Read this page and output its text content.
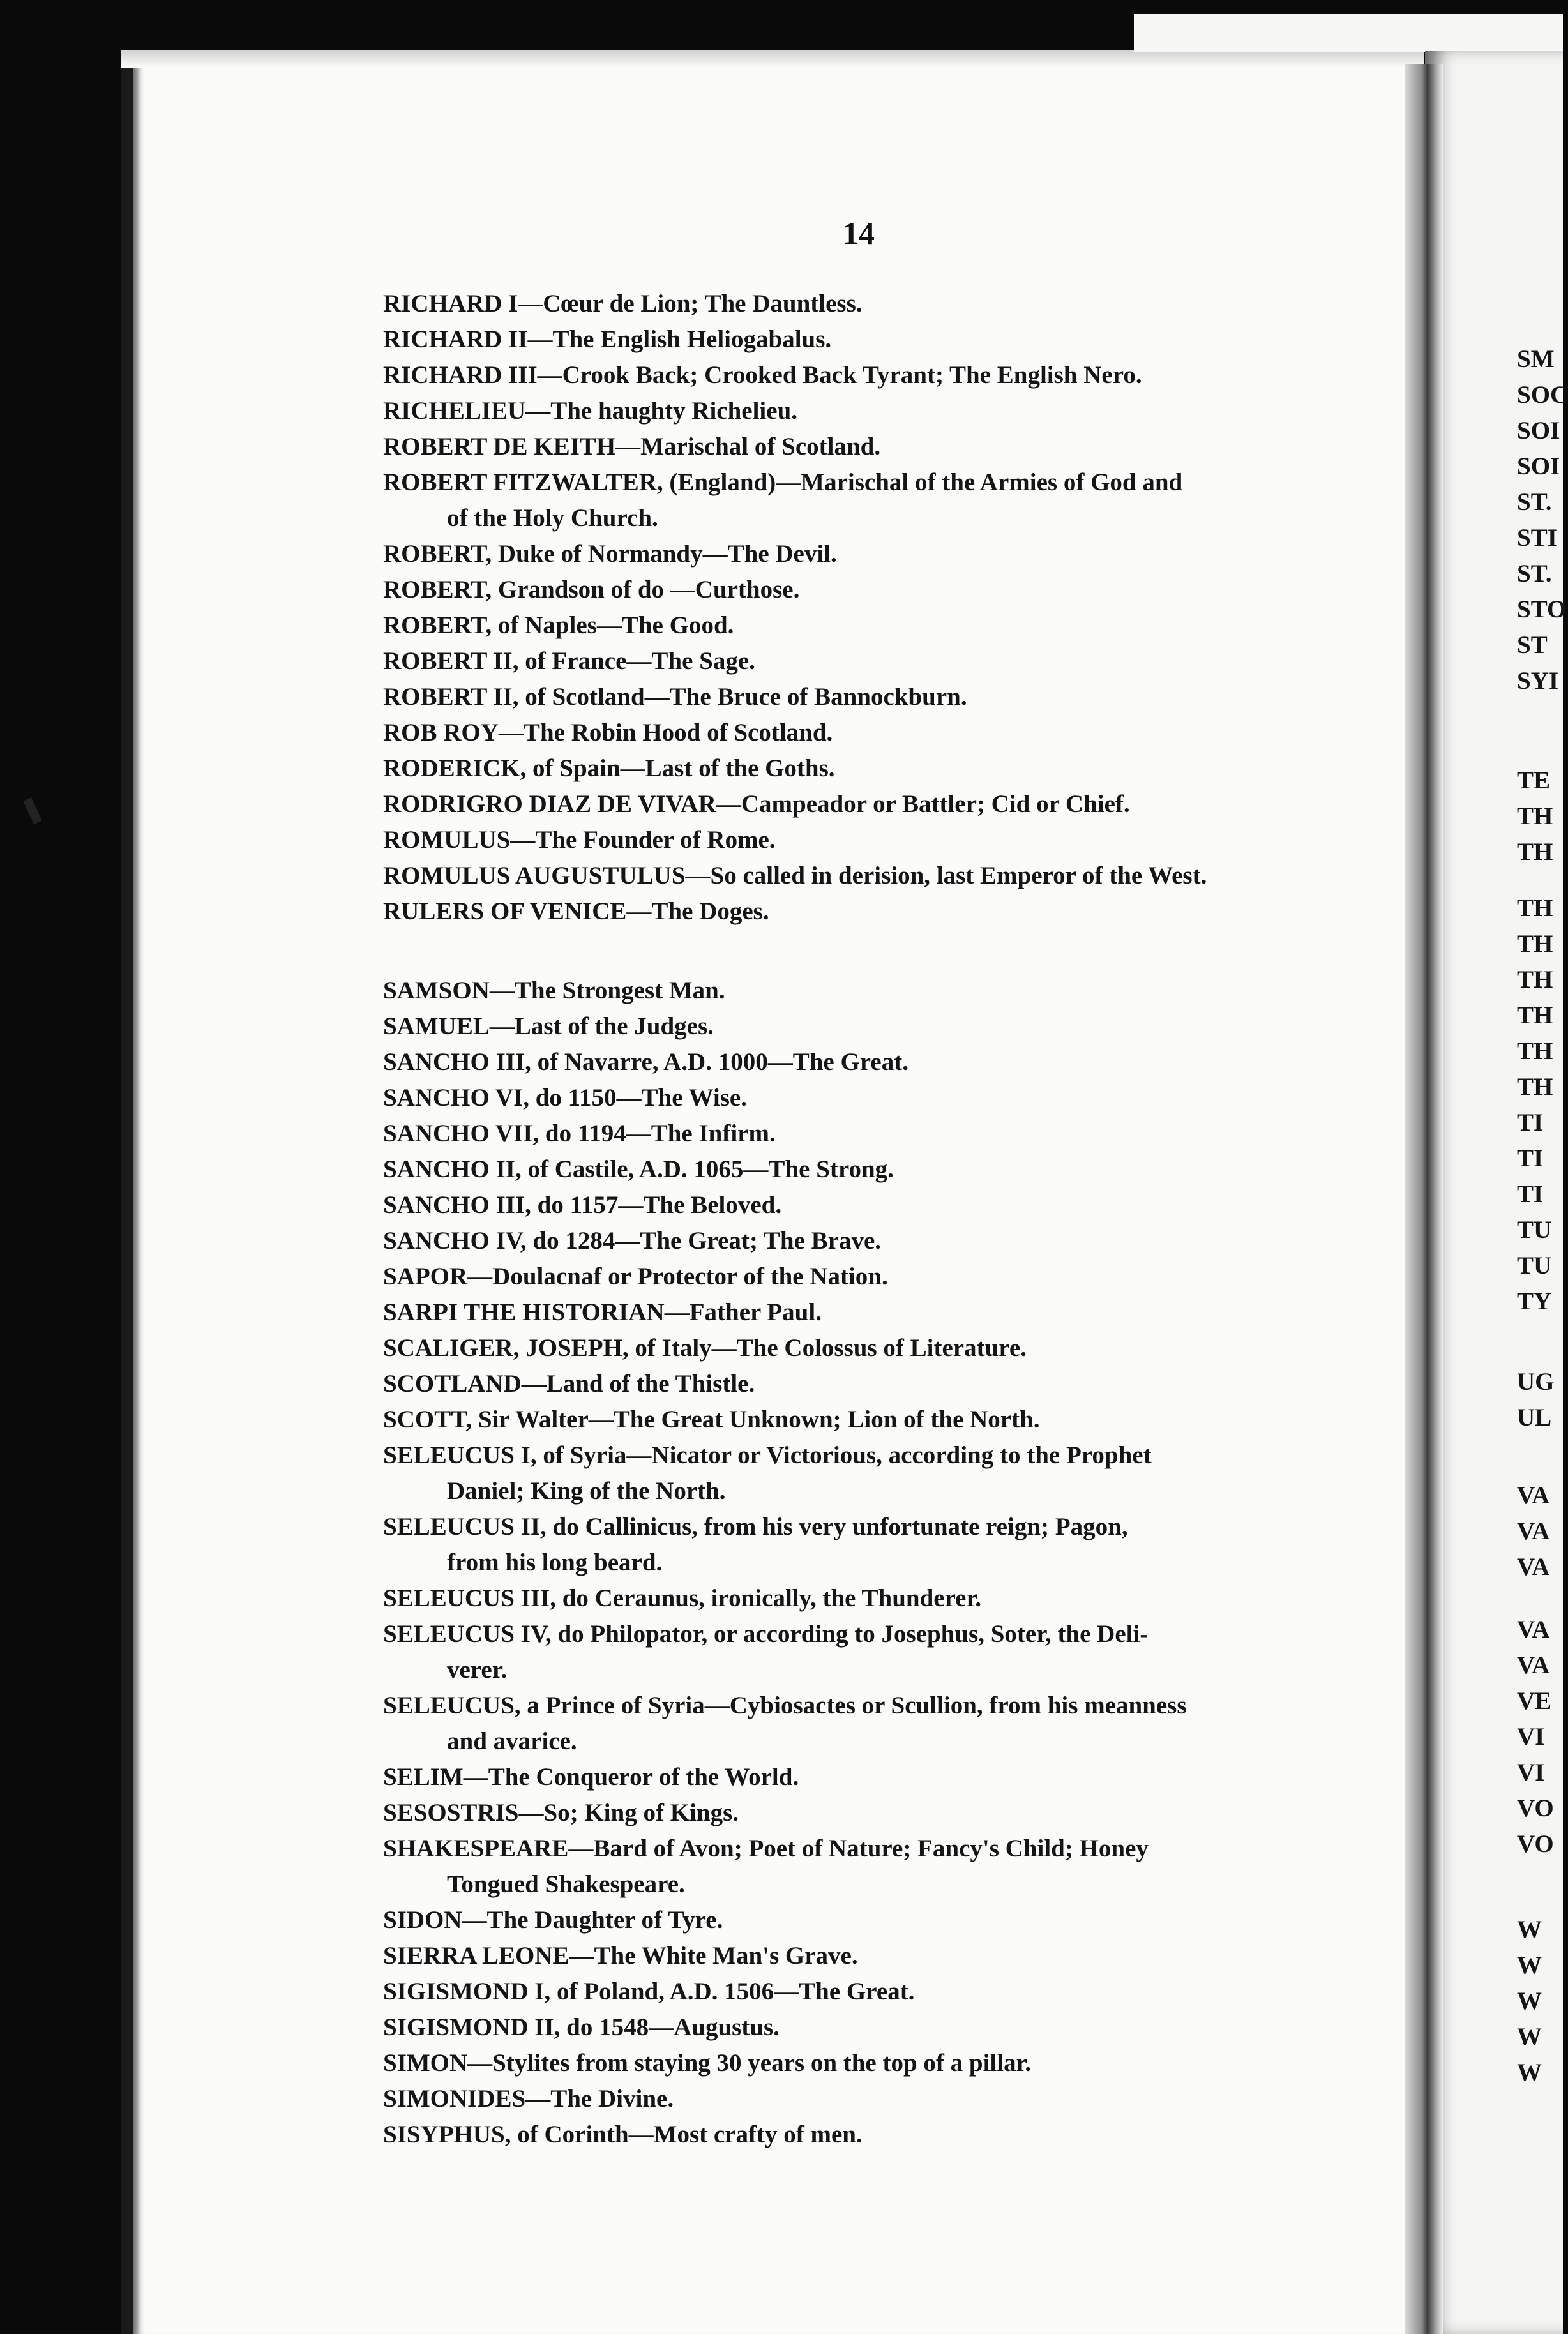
14
RICHARD I—Cœur de Lion; The Dauntless.
RICHARD II—The English Heliogabalus.
RICHARD III—Crook Back; Crooked Back Tyrant; The English Nero.
RICHELIEU—The haughty Richelieu.
ROBERT DE KEITH—Marischal of Scotland.
ROBERT FITZWALTER, (England)—Marischal of the Armies of God and
of the Holy Church.
ROBERT, Duke of Normandy—The Devil.
ROBERT, Grandson of do —Curthose.
ROBERT, of Naples—The Good.
ROBERT II, of France—The Sage.
ROBERT II, of Scotland—The Bruce of Bannockburn.
ROB ROY—The Robin Hood of Scotland.
RODERICK, of Spain—Last of the Goths.
RODRIGRO DIAZ DE VIVAR—Campeador or Battler; Cid or Chief.
ROMULUS—The Founder of Rome.
ROMULUS AUGUSTULUS—So called in derision, last Emperor of the West.
RULERS OF VENICE—The Doges.
SAMSON—The Strongest Man.
SAMUEL—Last of the Judges.
SANCHO III, of Navarre, A.D. 1000—The Great.
SANCHO VI, do 1150—The Wise.
SANCHO VII, do 1194—The Infirm.
SANCHO II, of Castile, A.D. 1065—The Strong.
SANCHO III, do 1157—The Beloved.
SANCHO IV, do 1284—The Great; The Brave.
SAPOR—Doulacnaf or Protector of the Nation.
SARPI THE HISTORIAN—Father Paul.
SCALIGER, JOSEPH, of Italy—The Colossus of Literature.
SCOTLAND—Land of the Thistle.
SCOTT, Sir Walter—The Great Unknown; Lion of the North.
SELEUCUS I, of Syria—Nicator or Victorious, according to the Prophet
Daniel; King of the North.
SELEUCUS II, do Callinicus, from his very unfortunate reign; Pagon,
from his long beard.
SELEUCUS III, do Ceraunus, ironically, the Thunderer.
SELEUCUS IV, do Philopator, or according to Josephus, Soter, the Deli-
verer.
SELEUCUS, a Prince of Syria—Cybiosactes or Scullion, from his meanness
and avarice.
SELIM—The Conqueror of the World.
SESOSTRIS—So; King of Kings.
SHAKESPEARE—Bard of Avon; Poet of Nature; Fancy's Child; Honey
Tongued Shakespeare.
SIDON—The Daughter of Tyre.
SIERRA LEONE—The White Man's Grave.
SIGISMOND I, of Poland, A.D. 1506—The Great.
SIGISMOND II, do 1548—Augustus.
SIMON—Stylites from staying 30 years on the top of a pillar.
SIMONIDES—The Divine.
SISYPHUS, of Corinth—Most crafty of men.
SM
SOC
SOI
SOI
ST.
STI
ST.
STO
ST
SYI
TE
TH
TH
TH
TH
TH
TH
TH
TH
TI
TI
TI
TU
TU
TY
UG
UL
VA
VA
VA
VA
VA
VE
VI
VI
VO
VO
W
W
W
W
W
